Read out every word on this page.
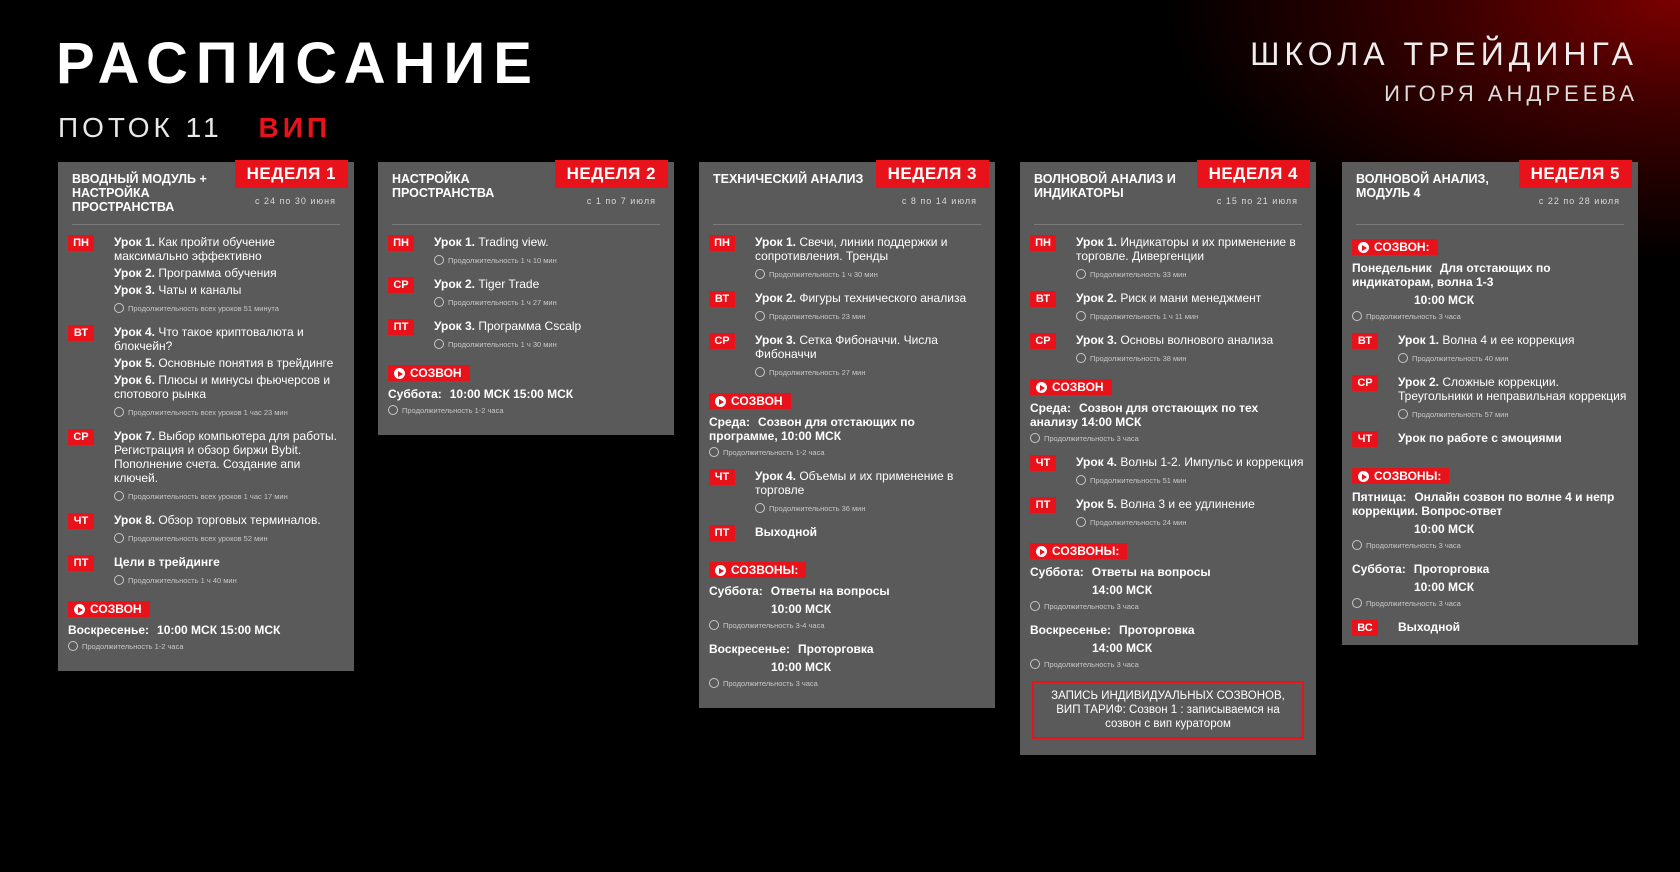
РАСПИСАНИЕ
ПОТОК 11 ВИП
ШКОЛА ТРЕЙДИНГА
ИГОРЯ АНДРЕЕВА
ВВОДНЫЙ МОДУЛЬ + НАСТРОЙКА ПРОСТРАНСТВА
НЕДЕЛЯ 1
с 24 по 30 июня
ПН	Урок 1. Как пройти обучение максимально эффективно
Урок 2. Программа обучения
Урок 3. Чаты и каналы
Продолжительность всех уроков 51 минута
ВТ	Урок 4. Что такое криптовалюта и блокчейн?
Урок 5. Основные понятия в трейдинге
Урок 6. Плюсы и минусы фьючерсов и спотового рынка
Продолжительность всех уроков 1 час 23 мин
СР	Урок 7. Выбор компьютера для работы. Регистрация и обзор биржи Bybit. Пополнение счета. Создание апи ключей.
Продолжительность всех уроков 1 час 17 мин
ЧТ	Урок 8. Обзор торговых терминалов.
Продолжительность всех уроков 52 мин
ПТ	Цели в трейдинге
Продолжительность 1 ч 40 мин
СОЗВОН
Воскресенье: 10:00 МСК 15:00 МСК
Продолжительность 1-2 часа
НАСТРОЙКА ПРОСТРАНСТВА
НЕДЕЛЯ 2
с 1 по 7 июля
ПН	Урок 1. Trading view.
Продолжительность 1 ч 10 мин
СР	Урок 2. Tiger Trade
Продолжительность 1 ч 27 мин
ПТ	Урок 3. Программа Cscalp
Продолжительность 1 ч 30 мин
СОЗВОН
Суббота: 10:00 МСК 15:00 МСК
Продолжительность 1-2 часа
ТЕХНИЧЕСКИЙ АНАЛИЗ	НЕДЕЛЯ 3
с 8 по 14 июля
ПН	Урок 1. Свечи, линии поддержки и сопротивления. Тренды
Продолжительность 1 ч 30 мин
ВТ	Урок 2. Фигуры технического анализа
Продолжительность 23 мин
СР	Урок 3. Сетка Фибоначчи. Числа Фибоначчи
Продолжительность 27 мин
СОЗВОН
Среда: Созвон для отстающих по программе, 10:00 МСК
Продолжительность 1-2 часа
ЧТ	Урок 4. Объемы и их применение в торговле
Продолжительность 36 мин
ПТ	Выходной
СОЗВОНЫ:
Суббота: Ответы на вопросы
10:00 МСК
Продолжительность 3-4 часа
Воскресенье: Проторговка
10:00 МСК
Продолжительность 3 часа
ВОЛНОВОЙ АНАЛИЗ И ИНДИКАТОРЫ
НЕДЕЛЯ 4
с 15 по 21 июля
ПН	Урок 1. Индикаторы и их применение в торговле. Дивергенции
Продолжительность 33 мин
ВТ	Урок 2. Риск и мани менеджмент
Продолжительность 1 ч 11 мин
СР	Урок 3. Основы волнового анализа
Продолжительность 38 мин
СОЗВОН
Среда: Созвон для отстающих по тех анализу 14:00 МСК
Продолжительность 3 часа
ЧТ	Урок 4. Волны 1-2. Импульс и коррекция
Продолжительность 51 мин
ПТ	Урок 5. Волна 3 и ее удлинение
Продолжительность 24 мин
СОЗВОНЫ:
Суббота: Ответы на вопросы
14:00 МСК
Продолжительность 3 часа
Воскресенье: Проторговка
14:00 МСК
Продолжительность 3 часа
ЗАПИСЬ ИНДИВИДУАЛЬНЫХ СОЗВОНОВ, ВИП ТАРИФ: Созвон 1 : записываемся на созвон с вип куратором
ВОЛНОВОЙ АНАЛИЗ, МОДУЛЬ 4
НЕДЕЛЯ 5
с 22 по 28 июля
СОЗВОН:
Понедельник Для отстающих по индикаторам, волна 1-3
10:00 МСК
Продолжительность 3 часа
ВТ	Урок 1. Волна 4 и ее коррекция
Продолжительность 40 мин
СР	Урок 2. Сложные коррекции. Треугольники и неправильная коррекция
Продолжительность 57 мин
ЧТ	Урок по работе с эмоциями
СОЗВОНЫ:
Пятница: Онлайн созвон по волне 4 и непр коррекции. Вопрос-ответ
10:00 МСК
Продолжительность 3 часа
Суббота: Проторговка
10:00 МСК
Продолжительность 3 часа
ВС	Выходной
